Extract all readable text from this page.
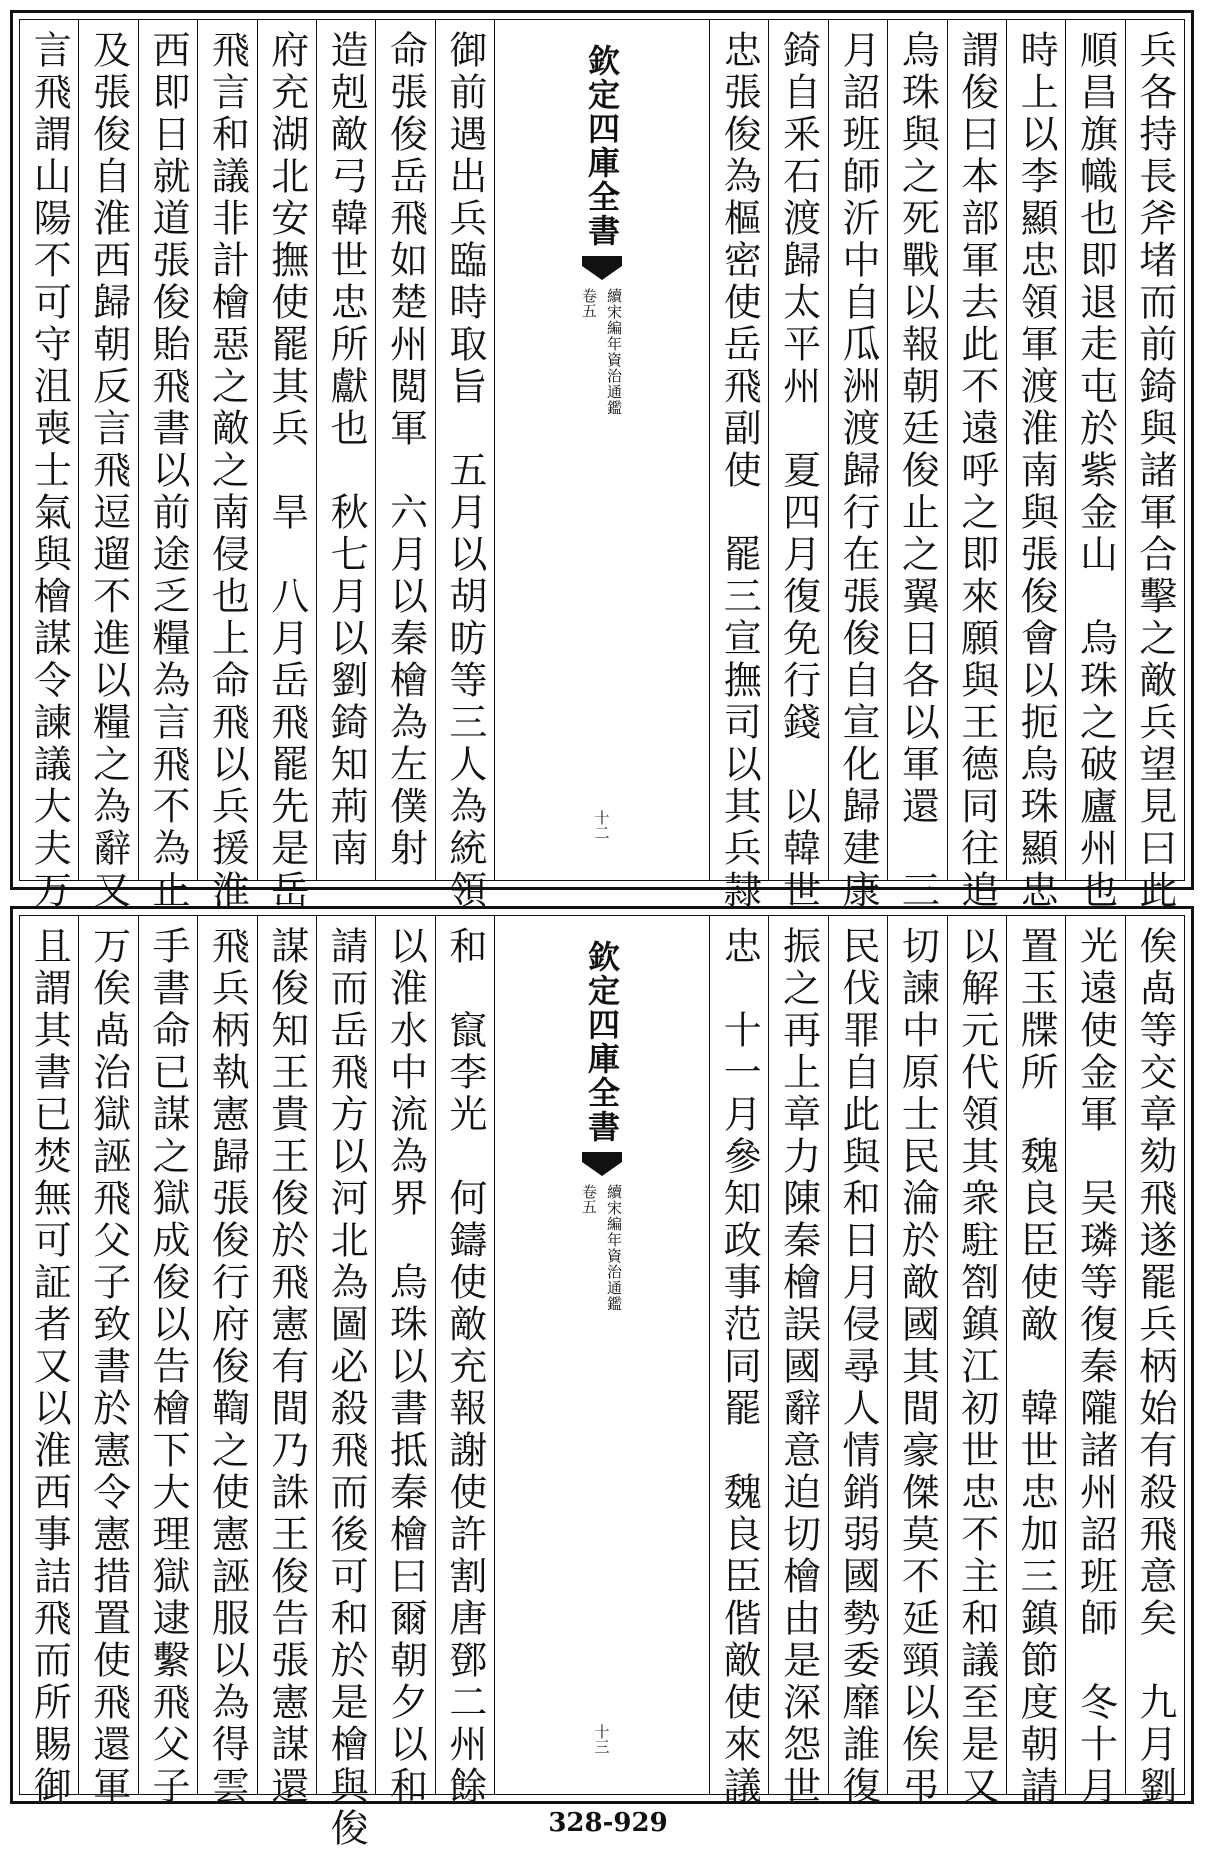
兵各持長斧堵而前錡與諸軍合擊之敵兵望見曰此
順昌旗幟也即退走屯於紫金山　烏珠之破廬州也
時上以李顯忠領軍渡淮南與張俊會以扼烏珠顯忠
謂俊曰本部軍去此不遠呼之即來願與王德同往追
烏珠與之死戰以報朝廷俊止之翼日各以軍還　三
月詔班師沂中自瓜洲渡歸行在張俊自宣化歸建康
錡自釆石渡歸太平州　夏四月復免行錢　以韓世
忠張俊為樞密使岳飛副使　罷三宣撫司以其兵隷
欽定四庫全書
續宋編年資治通鑑
卷五
十二
御前遇出兵臨時取旨　五月以胡昉等三人為統領
命張俊岳飛如楚州閲軍　六月以秦檜為左僕射
造剋敵弓韓世忠所獻也　秋七月以劉錡知荊南
府充湖北安撫使罷其兵　旱　八月岳飛罷先是岳
飛言和議非計檜惡之敵之南侵也上命飛以兵援淮
西即日就道張俊貽飛書以前途乏糧為言飛不為止
及張俊自淮西歸朝反言飛逗遛不進以糧之為辭又
言飛謂山陽不可守沮喪士氣與檜謀令諫議大夫万
俟卨等交章劾飛遂罷兵柄始有殺飛意矣　九月劉
光遠使金軍　吴璘等復秦隴諸州詔班師　冬十月
置玉牒所　魏良臣使敵　韓世忠加三鎮節度朝請
以解元代領其衆駐劄鎮江初世忠不主和議至是又
切諫中原士民淪於敵國其間豪傑莫不延頸以俟弔
民伐罪自此與和日月侵尋人情銷弱國勢委靡誰復
振之再上章力陳秦檜誤國辭意迫切檜由是深怨世
忠　十一月參知政事范同罷　魏良臣偕敵使來議
欽定四庫全書
續宋編年資治通鑑
卷五
十三
和　竄李光　何鑄使敵充報謝使許割唐鄧二州餘
以淮水中流為界　烏珠以書抵秦檜曰爾朝夕以和
請而岳飛方以河北為圖必殺飛而後可和於是檜與俊
謀俊知王貴王俊於飛憲有間乃誅王俊告張憲謀還
飛兵柄執憲歸張俊行府俊鞫之使憲誣服以為得雲
手書命已謀之獄成俊以告檜下大理獄逮繫飛父子
万俟卨治獄誣飛父子致書於憲令憲措置使飛還軍
且謂其書已焚無可証者又以淮西事詰飛而所賜御
328-929
